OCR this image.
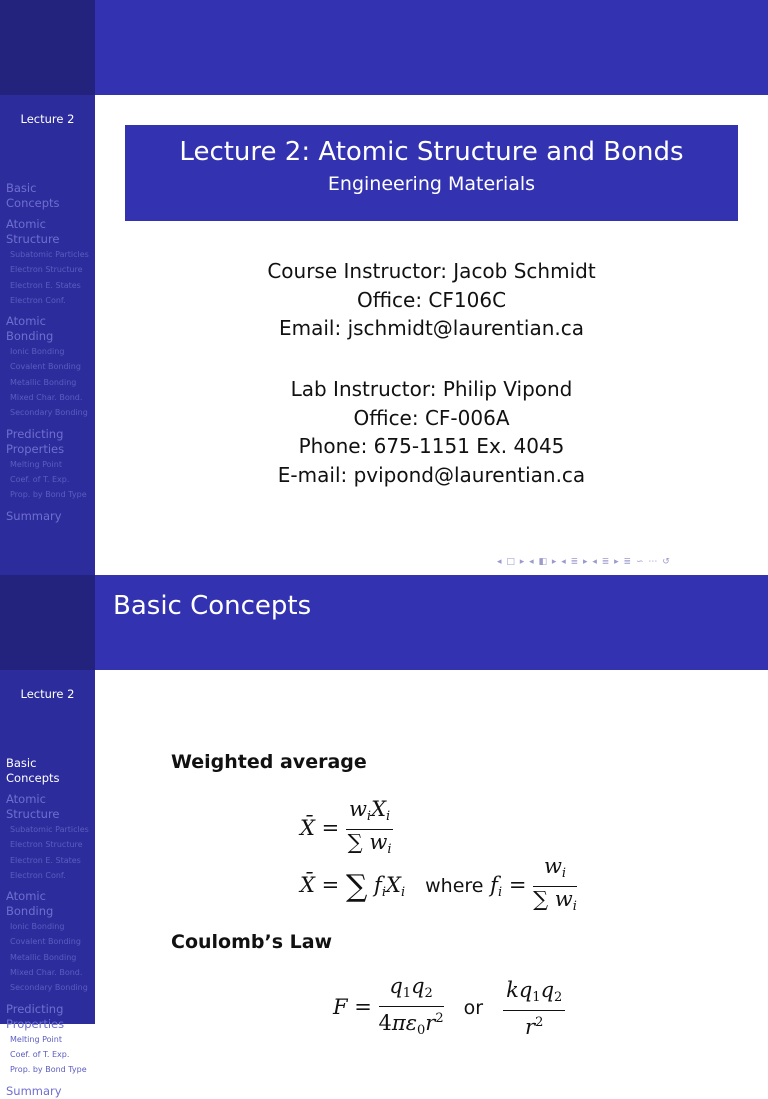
Lecture 2
Basic
Concepts
Atomic
Structure
Subatomic Particles
Electron Structure
Electron E. States
Electron Conf.
Atomic
Bonding
Ionic Bonding
Covalent Bonding
Metallic Bonding
Mixed Char. Bond.
Secondary Bonding
Predicting
Properties
Melting Point
Coef. of T. Exp.
Prop. by Bond Type
Summary
Lecture 2: Atomic Structure and Bonds
Engineering Materials
Course Instructor: Jacob Schmidt
Office: CF106C
Email: jschmidt@laurentian.ca
Lab Instructor: Philip Vipond
Office: CF-006A
Phone: 675-1151 Ex. 4045
E-mail: pvipond@laurentian.ca
◂ □ ▸ ◂ ◧ ▸ ◂ ≣ ▸ ◂ ≣ ▸ ≣ ∽ ⋯ ↺
Lecture 2
Basic
Concepts
Atomic
Structure
Subatomic Particles
Electron Structure
Electron E. States
Electron Conf.
Atomic
Bonding
Ionic Bonding
Covalent Bonding
Metallic Bonding
Mixed Char. Bond.
Secondary Bonding
Predicting
Properties
Melting Point
Coef. of T. Exp.
Prop. by Bond Type
Summary
Basic Concepts
Weighted average
X̄ = $\frac{w_iX_i}{\sum w_i}$
X̄ = ∑ $f_iX_i$ where $f_i = \frac{w_i}{\sum w_i}$
Coulomb’s Law
$F = \frac{q_1q_2}{4\pi\varepsilon_0r^2}$ or $\frac{kq_1q_2}{r^2}$
